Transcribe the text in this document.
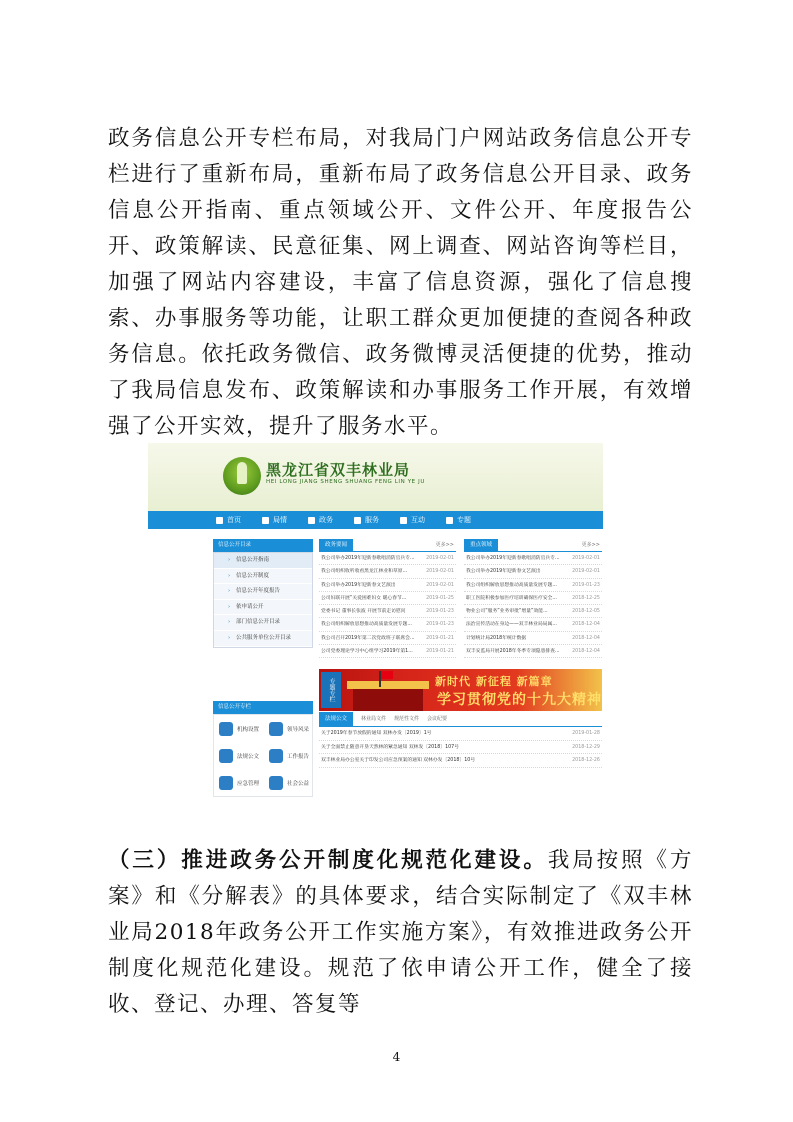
政务信息公开专栏布局，对我局门户网站政务信息公开专栏进行了重新布局，重新布局了政务信息公开目录、政务信息公开指南、重点领域公开、文件公开、年度报告公开、政策解读、民意征集、网上调查、网站咨询等栏目，加强了网站内容建设，丰富了信息资源，强化了信息搜索、办事服务等功能，让职工群众更加便捷的查阅各种政务信息。依托政务微信、政务微博灵活便捷的优势，推动了我局信息发布、政策解读和办事服务工作开展，有效增强了公开实效，提升了服务水平。
黑龙江省双丰林业局
HEI LONG JIANG SHENG SHUANG FENG LIN YE JU
首页	局情	政务	服务	互动	专题
信息公开目录
› 信息公开指南
› 信息公开制度
› 信息公开年度报告
› 依申请公开
› 部门信息公开目录
› 公共服务单位公开目录
信息公开专栏
机构设置	领导风采
法规公文	工作报告
应急管理	社会公益
政务要闻	更多>>
我公司举办2019年迎新春歌唱消防官兵专... 2019-02-01
我公司组织收听收看黑龙江林业和草原...	2019-02-01
我公司举办2019年迎新春文艺演出	2019-02-01
公司妇联开展“关爱困难妇女 暖心春节...	2019-01-25
党委书记 董事长张波 开展节前走访慰问	2019-01-23
我公司组织解放思想推动高质量发展专题...	2019-01-23
我公司召开2019年第二次党政班子联席会... 2019-01-21
公司党委理论学习中心组学习2019年第1...	2019-01-21
重点领域	更多>>
我公司举办2019年迎新春歌唱消防官兵专...	2019-02-01
我公司举办2019年迎新春文艺演出	2019-02-01
我公司组织解放思想推动高质量发展专题...	2019-01-23
职工医院积极参加医疗培训确保医疗安全...	2018-12-25
物业公司“服务”业务审批“增量”效能...	2018-12-05
法治宣传活动在身边——双丰林业局局属...	2018-12-04
计划统计局2018年统计数据	2018-12-04
双丰安监局开展2018年冬季专项隐患排查...	2018-12-04
专题专栏	新时代 新征程 新篇章
学习贯彻党的十九大精神
法规公文	林业局文件 规范性文件 会议纪要
关于2019年春节放假的通知 双林办发〔2019〕1号	2019-01-28
关于全面禁止随意开垦天然林的紧急通知 双林发〔2018〕107号	2018-12-29
双丰林业局办公室关于印发公司应急预案的通知 双林办发〔2018〕10号	2018-12-26
（三）推进政务公开制度化规范化建设。我局按照《方案》和《分解表》的具体要求，结合实际制定了《双丰林业局2018年政务公开工作实施方案》，有效推进政务公开制度化规范化建设。规范了依申请公开工作，健全了接收、登记、办理、答复等
4
